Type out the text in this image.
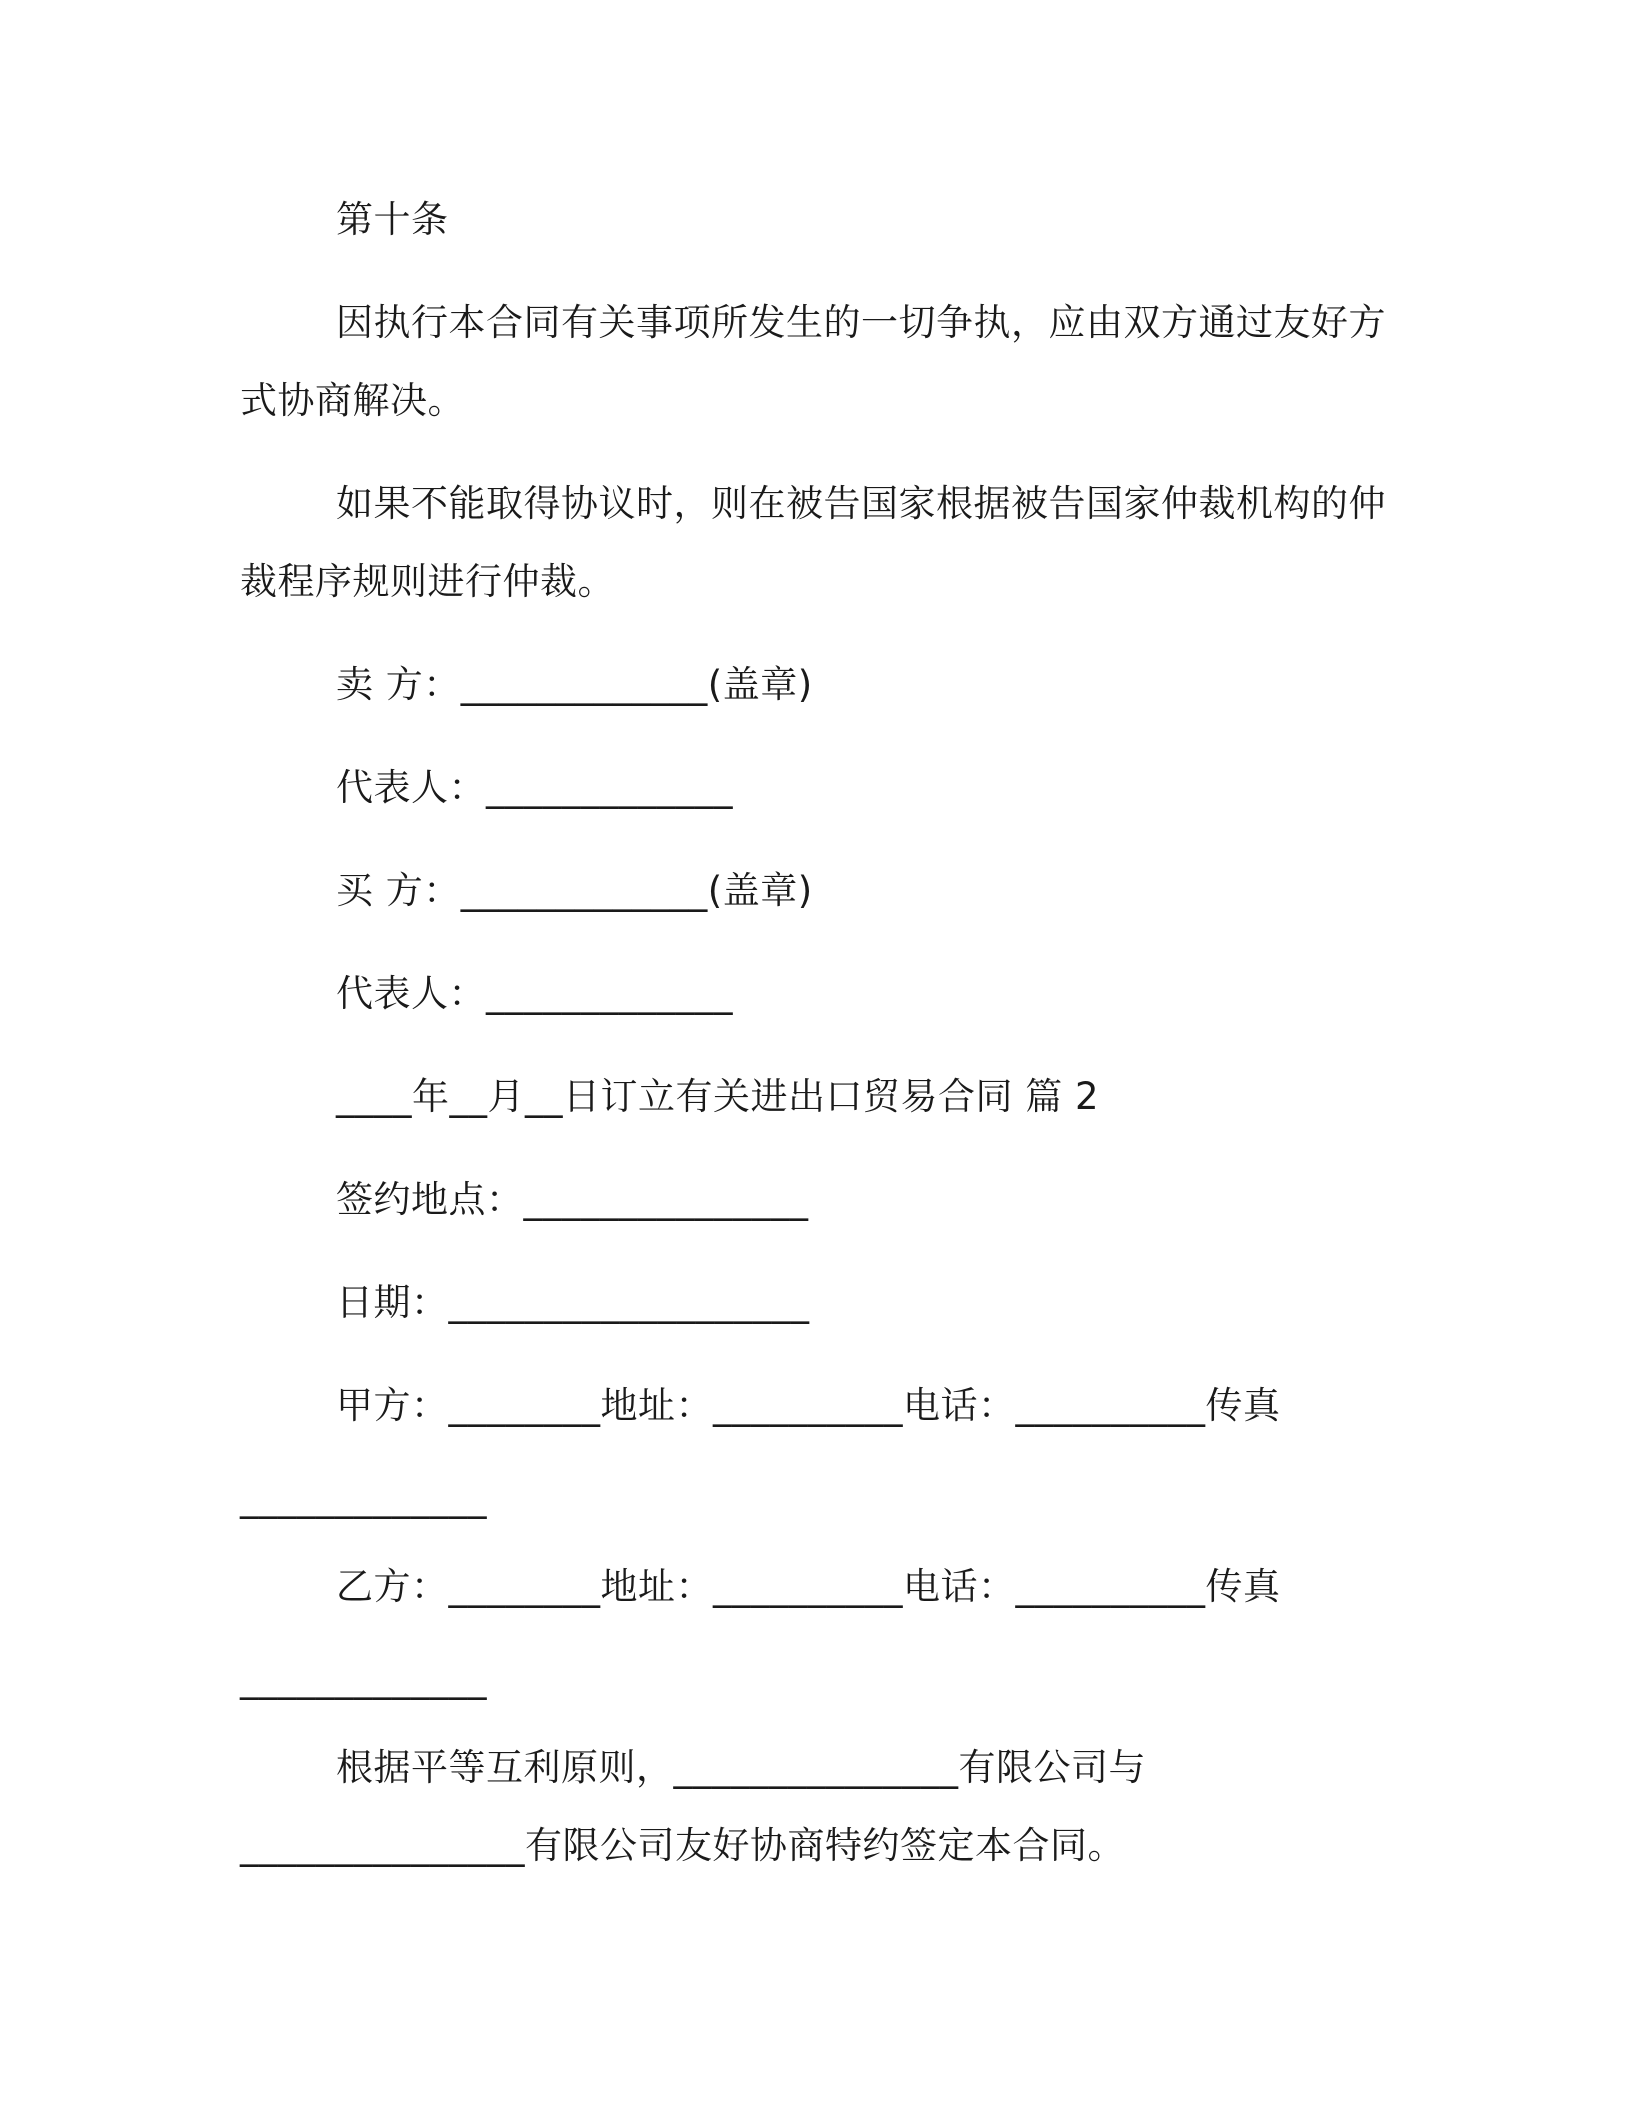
第十条
因执行本合同有关事项所发生的一切争执，应由双方通过友好方
式协商解决。
如果不能取得协议时，则在被告国家根据被告国家仲裁机构的仲
裁程序规则进行仲裁。
卖 方：_____________(盖章)
代表人：_____________
买 方：_____________(盖章)
代表人：_____________
____年__月__日订立有关进出口贸易合同 篇 2
签约地点：_______________
日期：___________________
甲方：________地址：__________电话：__________传真
_____________
乙方：________地址：__________电话：__________传真
_____________
根据平等互利原则，_______________有限公司与
_______________有限公司友好协商特约签定本合同。
